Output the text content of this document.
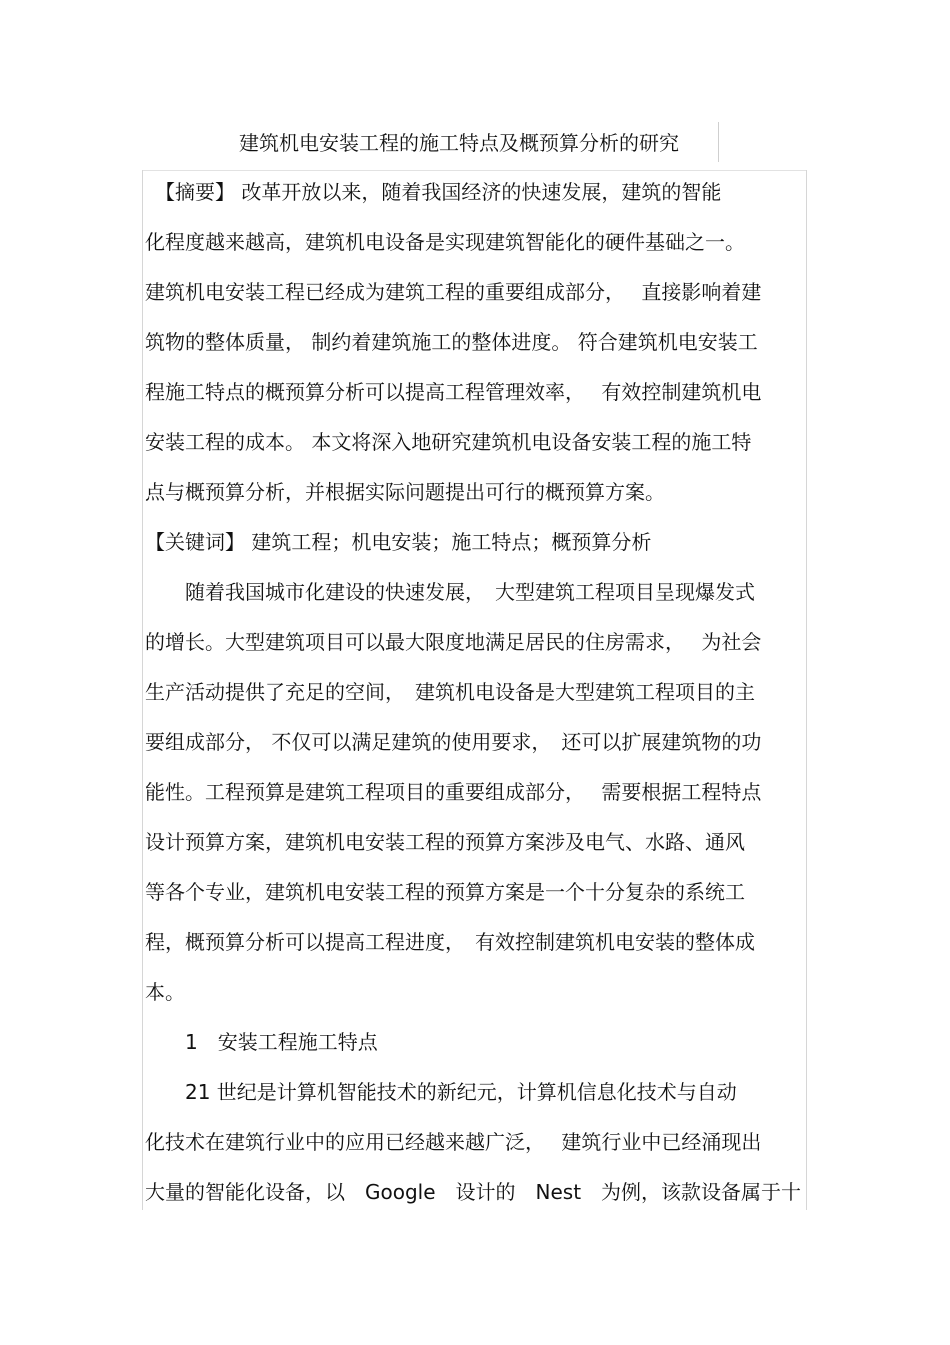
建筑机电安装工程的施工特点及概预算分析的研究
　【摘要】 改革开放以来，随着我国经济的快速发展，建筑的智能
化程度越来越高，建筑机电设备是实现建筑智能化的硬件基础之一。
建筑机电安装工程已经成为建筑工程的重要组成部分，　 直接影响着建
筑物的整体质量， 制约着建筑施工的整体进度。 符合建筑机电安装工
程施工特点的概预算分析可以提高工程管理效率，　 有效控制建筑机电
安装工程的成本。 本文将深入地研究建筑机电设备安装工程的施工特
点与概预算分析，并根据实际问题提出可行的概预算方案。
【关键词】 建筑工程；机电安装；施工特点；概预算分析
　　随着我国城市化建设的快速发展，　大型建筑工程项目呈现爆发式
的增长。大型建筑项目可以最大限度地满足居民的住房需求，　 为社会
生产活动提供了充足的空间，　建筑机电设备是大型建筑工程项目的主
要组成部分， 不仅可以满足建筑的使用要求，　还可以扩展建筑物的功
能性。工程预算是建筑工程项目的重要组成部分，　 需要根据工程特点
设计预算方案，建筑机电安装工程的预算方案涉及电气、水路、通风
等各个专业，建筑机电安装工程的预算方案是一个十分复杂的系统工
程，概预算分析可以提高工程进度，　有效控制建筑机电安装的整体成
本。
　　1　安装工程施工特点
　　21 世纪是计算机智能技术的新纪元，计算机信息化技术与自动
化技术在建筑行业中的应用已经越来越广泛，　 建筑行业中已经涌现出
大量的智能化设备，以　Google　设计的　Nest　为例，该款设备属于十
